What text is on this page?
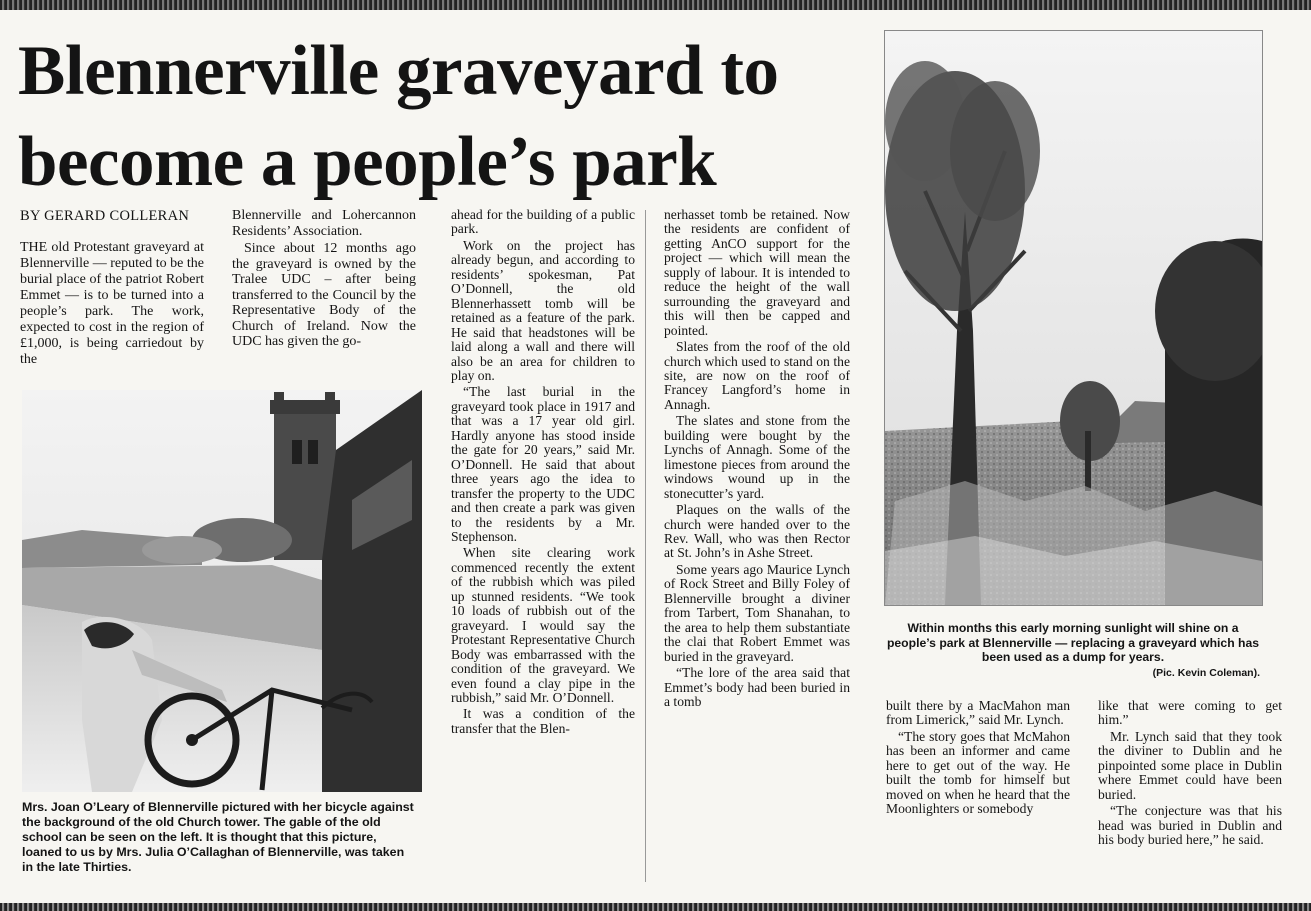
Blennerville graveyard to become a people’s park
BY GERARD COLLERAN

THE old Protestant graveyard at Blennerville — reputed to be the burial place of the patriot Robert Emmet — is to be turned into a people’s park. The work, expected to cost in the region of £1,000, is being carriedout by the

Blennerville and Lohercannon Residents’ Association.

Since about 12 months ago the graveyard is owned by the Tralee UDC – after being transferred to the Council by the Representative Body of the Church of Ireland. Now the UDC has given the go-

Mrs. Joan O’Leary of Blennerville pictured with her bicycle against the background of the old Church tower. The gable of the old school can be seen on the left. It is thought that this picture, loaned to us by Mrs. Julia O’Callaghan of Blennerville, was taken in the late Thirties.

ahead for the building of a public park.

Work on the project has already begun, and according to residents’ spokesman, Pat O’Donnell, the old Blennerhassett tomb will be retained as a feature of the park. He said that headstones will be laid along a wall and there will also be an area for children to play on.

“The last burial in the graveyard took place in 1917 and that was a 17 year old girl. Hardly anyone has stood inside the gate for 20 years,” said Mr. O’Donnell. He said that about three years ago the idea to transfer the property to the UDC and then create a park was given to the residents by a Mr. Stephenson.

When site clearing work commenced recently the extent of the rubbish which was piled up stunned residents. “We took 10 loads of rubbish out of the graveyard. I would say the Protestant Representative Church Body was embarrassed with the condition of the graveyard. We even found a clay pipe in the rubbish,” said Mr. O’Donnell.

It was a condition of the transfer that the Blen-

nerhasset tomb be retained. Now the residents are confident of getting AnCO support for the project — which will mean the supply of labour. It is intended to reduce the height of the wall surrounding the graveyard and this will then be capped and pointed.

Slates from the roof of the old church which used to stand on the site, are now on the roof of Francey Langford’s home in Annagh.

The slates and stone from the building were bought by the Lynchs of Annagh. Some of the limestone pieces from around the windows wound up in the stonecutter’s yard.

Plaques on the walls of the church were handed over to the Rev. Wall, who was then Rector at St. John’s in Ashe Street.

Some years ago Maurice Lynch of Rock Street and Billy Foley of Blennerville brought a diviner from Tarbert, Tom Shanahan, to the area to help them substantiate the clai that Robert Emmet was buried in the graveyard.

“The lore of the area said that Emmet’s body had been buried in a tomb

Within months this early morning sunlight will shine on a people’s park at Blennerville — replacing a graveyard which has been used as a dump for years.
(Pic. Kevin Coleman).

built there by a MacMahon man from Limerick,” said Mr. Lynch.

“The story goes that McMahon has been an informer and came here to get out of the way. He built the tomb for himself but moved on when he heard that the Moonlighters or somebody

like that were coming to get him.”

Mr. Lynch said that they took the diviner to Dublin and he pinpointed some place in Dublin where Emmet could have been buried.

“The conjecture was that his head was buried in Dublin and his body buried here,” he said.
